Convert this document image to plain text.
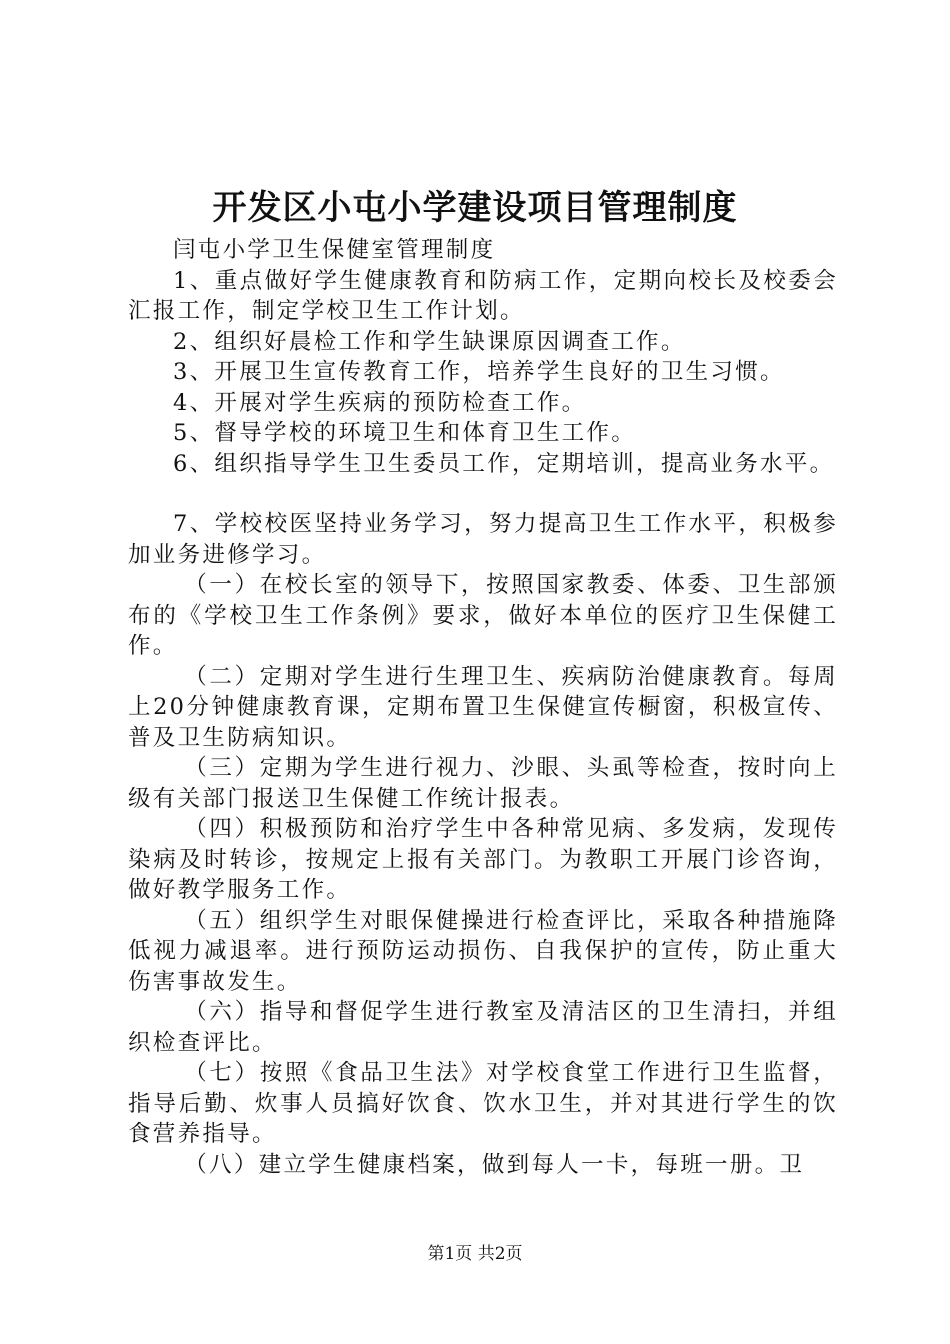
开发区小屯小学建设项目管理制度

闫屯小学卫生保健室管理制度

1、重点做好学生健康教育和防病工作，定期向校长及校委会汇报工作，制定学校卫生工作计划。

2、组织好晨检工作和学生缺课原因调查工作。

3、开展卫生宣传教育工作，培养学生良好的卫生习惯。

4、开展对学生疾病的预防检查工作。

5、督导学校的环境卫生和体育卫生工作。

6、组织指导学生卫生委员工作，定期培训，提高业务水平。

7、学校校医坚持业务学习，努力提高卫生工作水平，积极参加业务进修学习。

（一）在校长室的领导下，按照国家教委、体委、卫生部颁布的《学校卫生工作条例》要求，做好本单位的医疗卫生保健工作。

（二）定期对学生进行生理卫生、疾病防治健康教育。每周上20分钟健康教育课，定期布置卫生保健宣传橱窗，积极宣传、普及卫生防病知识。

（三）定期为学生进行视力、沙眼、头虱等检查，按时向上级有关部门报送卫生保健工作统计报表。

（四）积极预防和治疗学生中各种常见病、多发病，发现传染病及时转诊，按规定上报有关部门。为教职工开展门诊咨询，做好教学服务工作。

（五）组织学生对眼保健操进行检查评比，采取各种措施降低视力减退率。进行预防运动损伤、自我保护的宣传，防止重大伤害事故发生。

（六）指导和督促学生进行教室及清洁区的卫生清扫，并组织检查评比。

（七）按照《食品卫生法》对学校食堂工作进行卫生监督，指导后勤、炊事人员搞好饮食、饮水卫生，并对其进行学生的饮食营养指导。

（八）建立学生健康档案，做到每人一卡，每班一册。卫

第1页 共2页
